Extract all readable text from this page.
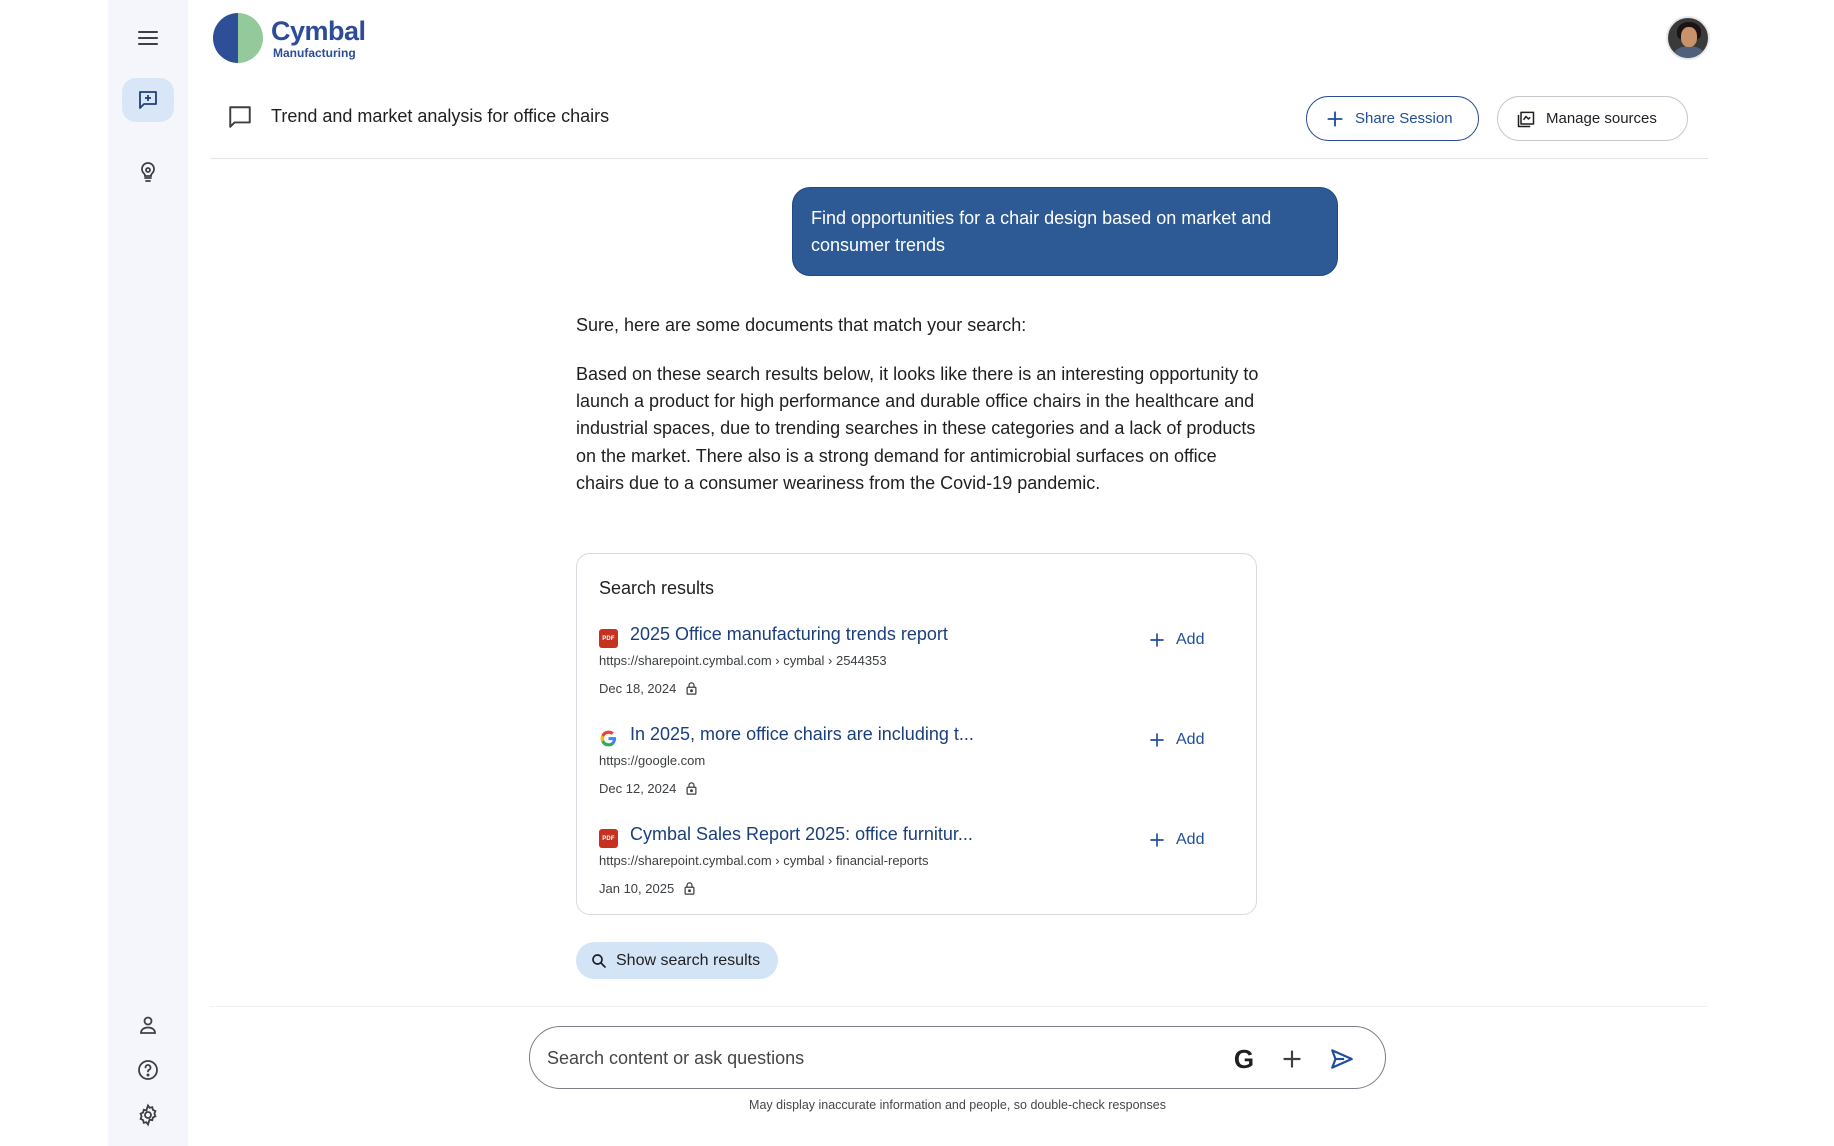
Cymbal
Manufacturing
Trend and market analysis for office chairs	Share Session	Manage sources
Find opportunities for a chair design based on market and consumer trends
Sure, here are some documents that match your search:
Based on these search results below, it looks like there is an interesting opportunity to launch a product for high performance and durable office chairs in the healthcare and industrial spaces, due to trending searches in these categories and a lack of products on the market. There also is a strong demand for antimicrobial surfaces on office chairs due to a consumer weariness from the Covid-19 pandemic.
Search results
PDF 2025 Office manufacturing trends report
https://sharepoint.cymbal.com › cymbal › 2544353
Dec 18, 2024
In 2025, more office chairs are including t...
https://google.com
Dec 12, 2024
PDF Cymbal Sales Report 2025: office furnitur...
https://sharepoint.cymbal.com › cymbal › financial-reports
Jan 10, 2025
Add
Add
Add
Show search results
Search content or ask questions
G
May display inaccurate information and people, so double-check responses
